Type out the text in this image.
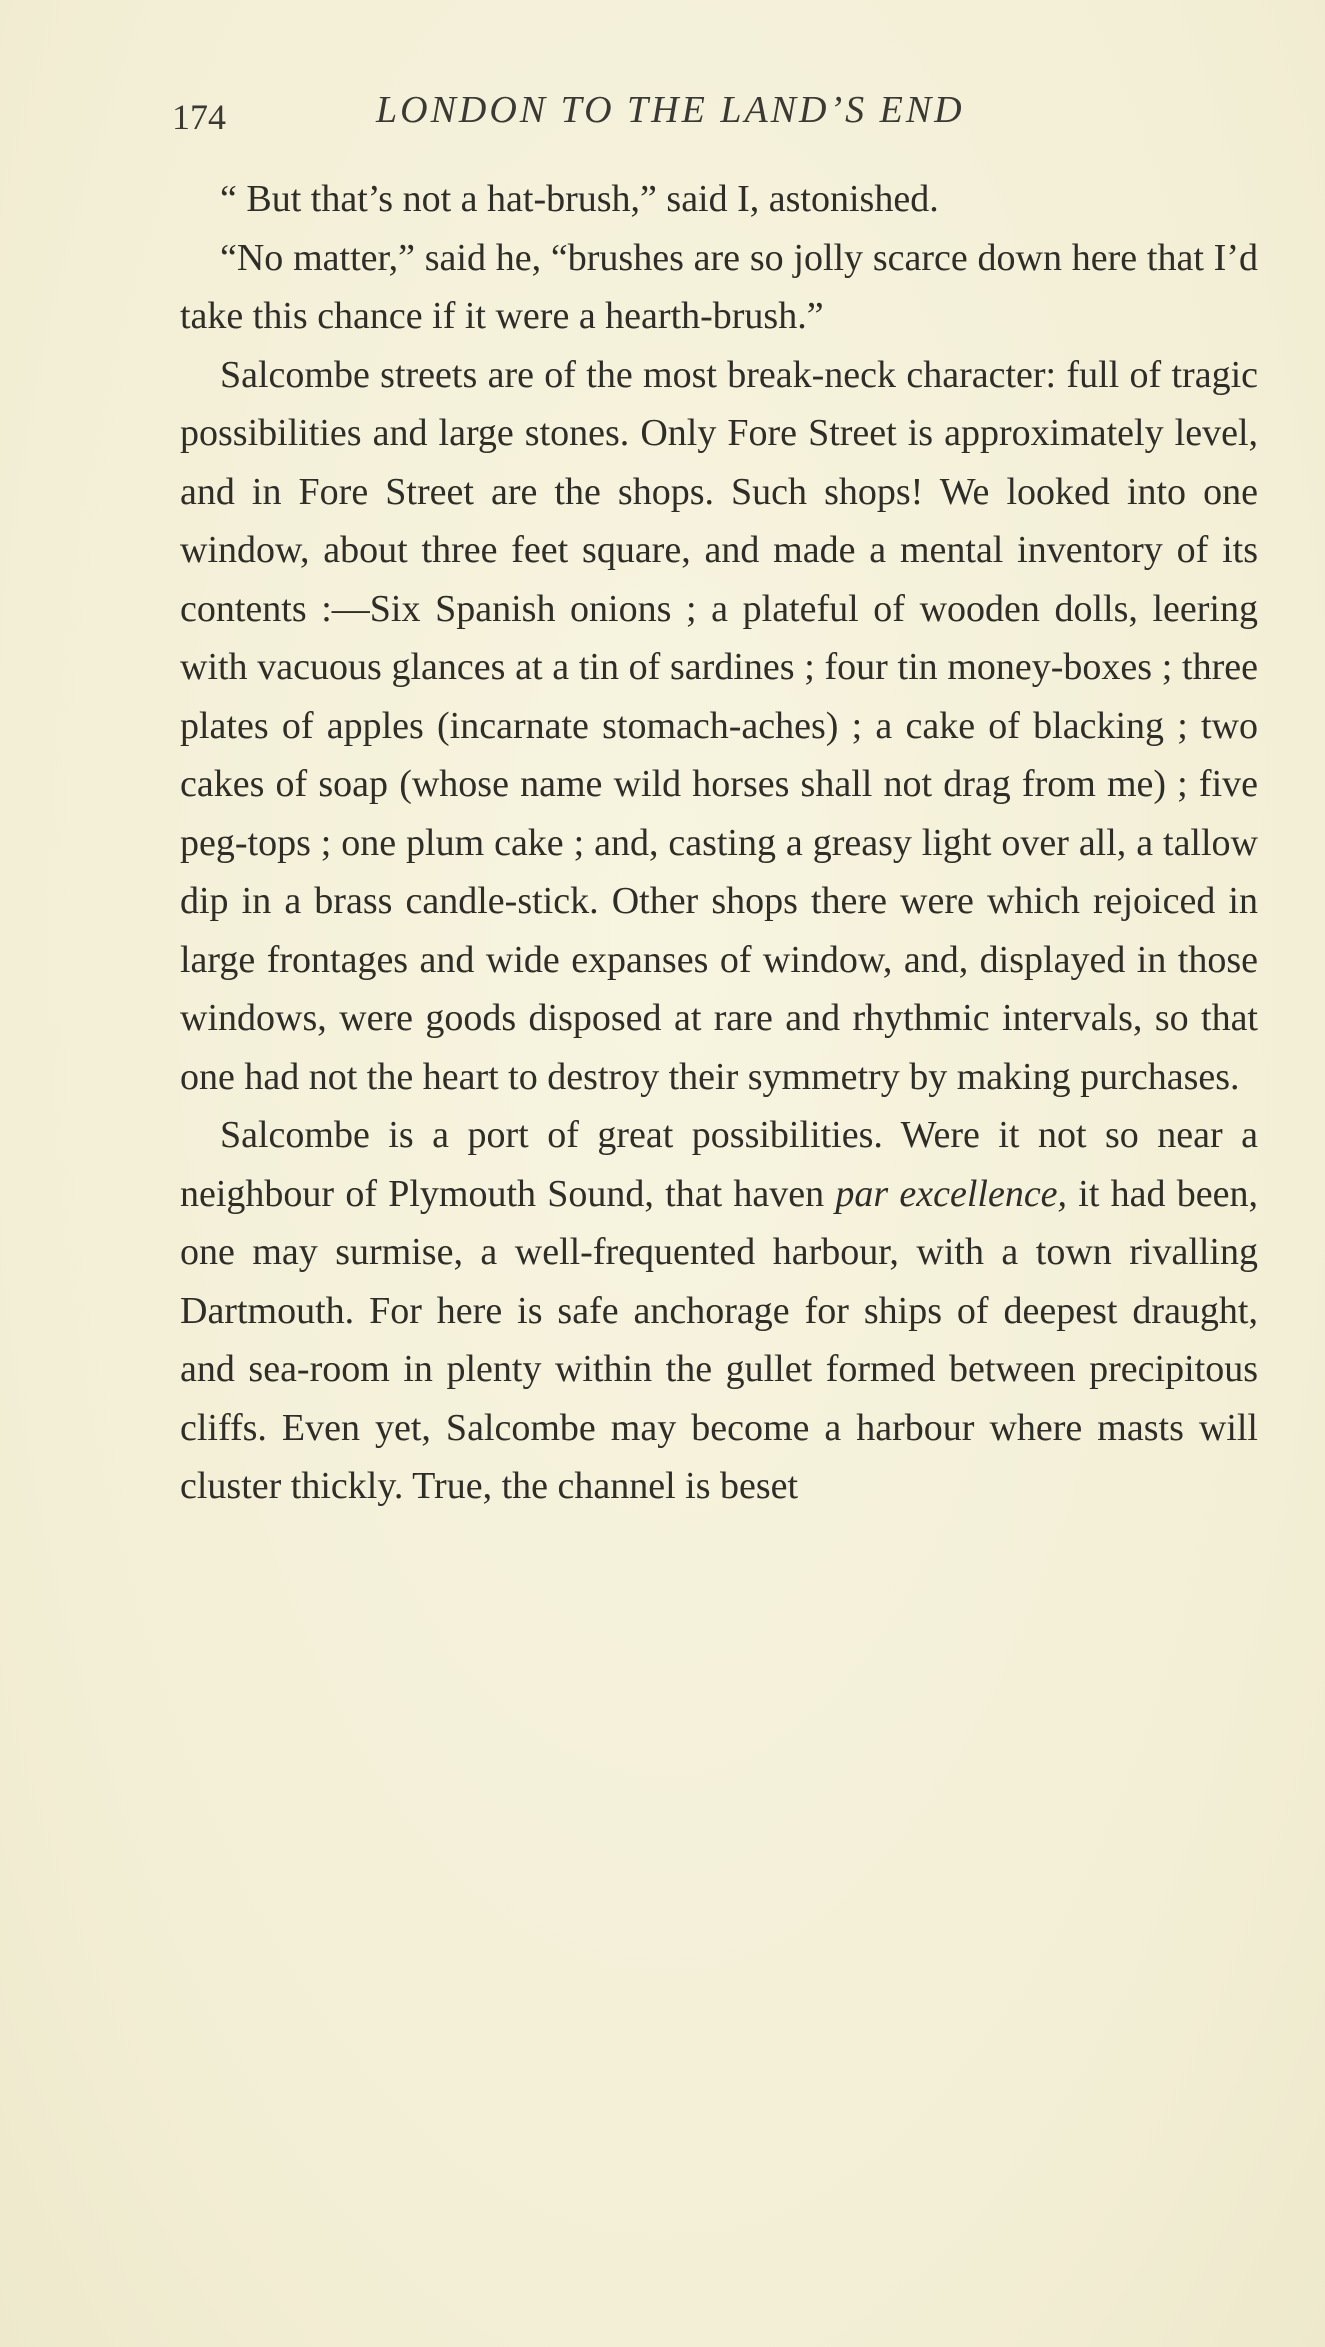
174	LONDON TO THE LAND’S END

“ But that’s not a hat-brush,” said I, astonished.

“No matter,” said he, “brushes are so jolly scarce down here that I’d take this chance if it were a hearth-brush.”

Salcombe streets are of the most break-neck character: full of tragic possibilities and large stones. Only Fore Street is approximately level, and in Fore Street are the shops. Such shops! We looked into one window, about three feet square, and made a mental inventory of its contents :—Six Spanish onions ; a plateful of wooden dolls, leering with vacuous glances at a tin of sardines ; four tin money-boxes ; three plates of apples (incarnate stomach-aches) ; a cake of blacking ; two cakes of soap (whose name wild horses shall not drag from me) ; five peg-tops ; one plum cake ; and, casting a greasy light over all, a tallow dip in a brass candle-stick. Other shops there were which rejoiced in large frontages and wide expanses of window, and, displayed in those windows, were goods disposed at rare and rhythmic intervals, so that one had not the heart to destroy their symmetry by making purchases.

Salcombe is a port of great possibilities. Were it not so near a neighbour of Plymouth Sound, that haven par excellence, it had been, one may surmise, a well-frequented harbour, with a town rivalling Dartmouth. For here is safe anchorage for ships of deepest draught, and sea-room in plenty within the gullet formed between precipitous cliffs. Even yet, Salcombe may become a harbour where masts will cluster thickly. True, the channel is beset
